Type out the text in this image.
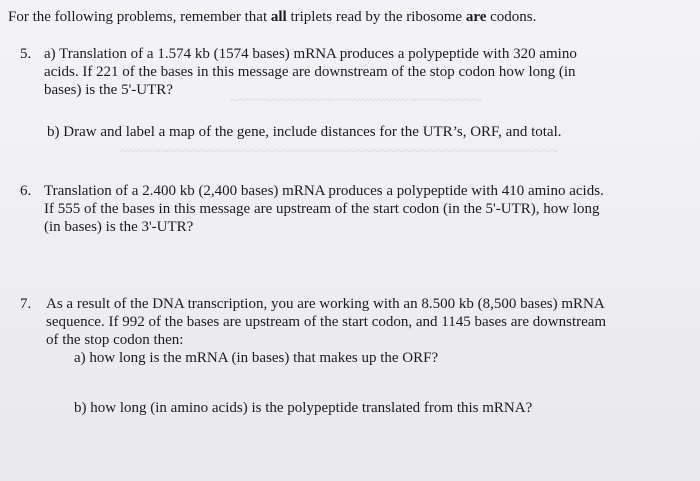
~~~~~~~~~~~~~~~~~~~~~~~~~~~~~~~
~~~~~~~~~~~~~~~~~~~~~~~~~~~~~~~~~~~~~~~~~~~~~~~~~~~~~~
For the following problems, remember that all triplets read by the ribosome are codons.
5. a) Translation of a 1.574 kb (1574 bases) mRNA produces a polypeptide with 320 amino
acids. If 221 of the bases in this message are downstream of the stop codon how long (in
bases) is the 5'-UTR?
b) Draw and label a map of the gene, include distances for the UTR’s, ORF, and total.
6. Translation of a 2.400 kb (2,400 bases) mRNA produces a polypeptide with 410 amino acids.
If 555 of the bases in this message are upstream of the start codon (in the 5'-UTR), how long
(in bases) is the 3'-UTR?
7. As a result of the DNA transcription, you are working with an 8.500 kb (8,500 bases) mRNA
sequence. If 992 of the bases are upstream of the start codon, and 1145 bases are downstream
of the stop codon then:
a) how long is the mRNA (in bases) that makes up the ORF?
b) how long (in amino acids) is the polypeptide translated from this mRNA?
